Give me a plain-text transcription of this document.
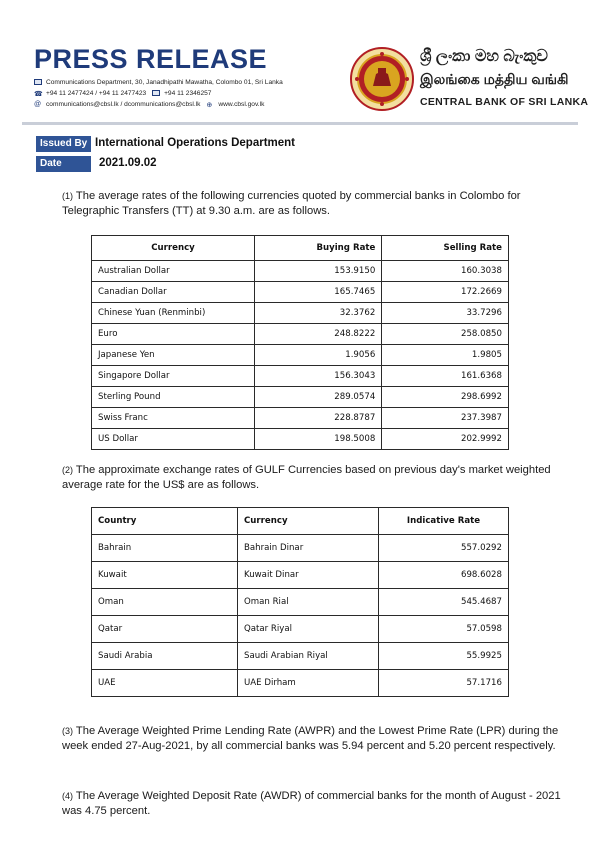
PRESS RELEASE
Communications Department, 30, Janadhipathi Mawatha, Colombo 01, Sri Lanka
☎ +94 11 2477424 / +94 11 2477423	+94 11 2346257
@ communications@cbsl.lk / dcommunications@cbsl.lk ⊕ www.cbsl.gov.lk
ශ්‍රී ලංකා මහ බැංකුව
இலங்கை மத்திய வங்கி
CENTRAL BANK OF SRI LANKA
Issued By International Operations Department
Date	2021.09.02
(1) The average rates of the following currencies quoted by commercial banks in Colombo for Telegraphic Transfers (TT) at 9.30 a.m. are as follows.
Currency	Buying Rate	Selling Rate
Australian Dollar	153.9150	160.3038
Canadian Dollar	165.7465	172.2669
Chinese Yuan (Renminbi)	32.3762	33.7296
Euro	248.8222	258.0850
Japanese Yen	1.9056	1.9805
Singapore Dollar	156.3043	161.6368
Sterling Pound	289.0574	298.6992
Swiss Franc	228.8787	237.3987
US Dollar	198.5008	202.9992
(2) The approximate exchange rates of GULF Currencies based on previous day's market weighted average rate for the US$ are as follows.
Country	Currency	Indicative Rate
Bahrain	Bahrain Dinar	557.0292
Kuwait	Kuwait Dinar	698.6028
Oman	Oman Rial	545.4687
Qatar	Qatar Riyal	57.0598
Saudi Arabia	Saudi Arabian Riyal	55.9925
UAE	UAE Dirham	57.1716
(3) The Average Weighted Prime Lending Rate (AWPR) and the Lowest Prime Rate (LPR) during the week ended 27-Aug-2021, by all commercial banks was 5.94 percent and 5.20 percent respectively.
(4) The Average Weighted Deposit Rate (AWDR) of commercial banks for the month of August - 2021 was 4.75 percent.
